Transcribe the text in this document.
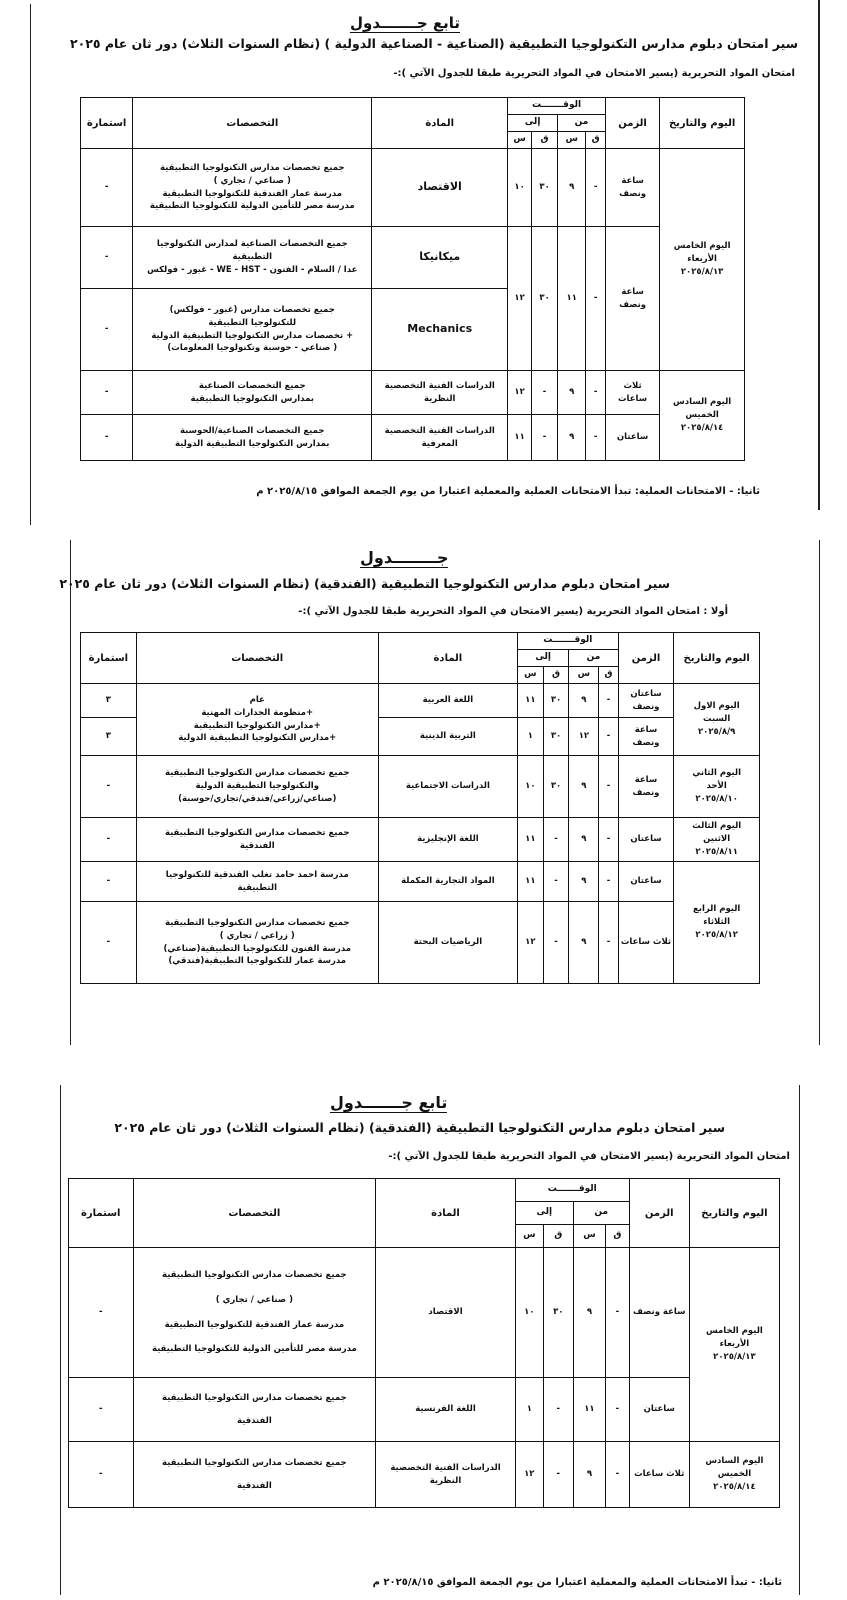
تابع جـــــــدول
سير امتحان دبلوم مدارس التكنولوجيا التطبيقية (الصناعية - الصناعية الدولية ) (نظام السنوات الثلاث) دور ثان عام ٢٠٢٥
امتحان المواد التحريرية (يسير الامتحان في المواد التحريرية طبقا للجدول الآتي ):-
اليوم والتاريخ	الزمن	الوقـــــــت				المادة	التخصصات	استمارة
		من		إلى				
		ق	س	ق	س			

اليوم الخامس
الأربعاء
٢٠٢٥/٨/١٣	ساعة ونصف	-	٩	٣٠	١٠	الاقتصاد	جميع تخصصات مدارس التكنولوجيا التطبيقية
( صناعي / تجاري )
مدرسة عمار الفندقية للتكنولوجيا التطبيقية
مدرسة مصر للتأمين الدولية للتكنولوجيا التطبيقية	-
	ساعة ونصف	-	١١	٣٠	١٢	ميكانيكا	جميع التخصصات الصناعية لمدارس التكنولوجيا
التطبيقية
عدا / السلام - الفنون - WE - HST - غبور - فولكس	-
						Mechanics	جميع تخصصات مدارس (غبور - فولكس)
للتكنولوجيا التطبيقية
+ تخصصات مدارس التكنولوجيا التطبيقية الدولية
( صناعي - حوسبة وتكنولوجيا المعلومات)	-

اليوم السادس
الخميس
٢٠٢٥/٨/١٤	ثلاث ساعات	-	٩	-	١٢	الدراسات الفنية التخصصية النظرية	جميع التخصصات الصناعية
بمدارس التكنولوجيا التطبيقية	-
	ساعتان	-	٩	-	١١	الدراسات الفنية التخصصية المعرفية	جميع التخصصات الصناعية/الحوسبة
بمدارس التكنولوجيا التطبيقية الدولية	-
ثانيا: - الامتحانات العملية: تبدأ الامتحانات العملية والمعملية اعتبارا من يوم الجمعة الموافق ٢٠٢٥/٨/١٥ م
جــــــــدول
سير امتحان دبلوم مدارس التكنولوجيا التطبيقية (الفندقية) (نظام السنوات الثلاث) دور ثان عام ٢٠٢٥
أولا : امتحان المواد التحريرية (يسير الامتحان في المواد التحريرية طبقا للجدول الآتي ):-
اليوم والتاريخ	الزمن	الوقـــــــت				المادة	التخصصات	استمارة
		من		إلى				
		ق	س	ق	س			

اليوم الاول
السبت
٢٠٢٥/٨/٩	ساعتان ونصف	-	٩	٣٠	١١	اللغة العربية	عام
+منظومة الجدارات المهنية
+مدارس التكنولوجيا التطبيقية
+مدارس التكنولوجيا التطبيقية الدولية	٣
	ساعة ونصف	-	١٢	٣٠	١	التربية الدينية		٣

اليوم الثاني
الأحد
٢٠٢٥/٨/١٠	ساعة ونصف	-	٩	٣٠	١٠	الدراسات الاجتماعية	جميع تخصصات مدارس التكنولوجيا التطبيقية
والتكنولوجيا التطبيقية الدولية
(صناعي/زراعي/فندقي/تجاري/حوسبة)	-

اليوم الثالث
الاثنين
٢٠٢٥/٨/١١	ساعتان	-	٩	-	١١	اللغة الإنجليزية	جميع تخصصات مدارس التكنولوجيا التطبيقية
الفندقية	-

اليوم الرابع
الثلاثاء
٢٠٢٥/٨/١٢	ساعتان	-	٩	-	١١	المواد التجارية المكملة	مدرسة احمد حامد تغلب الفندقية للتكنولوجيا
التطبيقية	-
	ثلاث ساعات	-	٩	-	١٢	الرياضيات البحتة	جميع تخصصات مدارس التكنولوجيا التطبيقية
( زراعي / تجاري )
مدرسة الفنون للتكنولوجيا التطبيقية(صناعي)
مدرسة عمار للتكنولوجيا التطبيقية(فندقي)	-
تابع جـــــــدول
سير امتحان دبلوم مدارس التكنولوجيا التطبيقية (الفندقية) (نظام السنوات الثلاث) دور ثان عام ٢٠٢٥
امتحان المواد التحريرية (يسير الامتحان في المواد التحريرية طبقا للجدول الآتي ):-
اليوم والتاريخ	الزمن	الوقـــــــت				المادة	التخصصات	استمارة
		من		إلى				
		ق	س	ق	س			

اليوم الخامس
الأربعاء
٢٠٢٥/٨/١٣	ساعة ونصف	-	٩	٣٠	١٠	الاقتصاد	جميع تخصصات مدارس التكنولوجيا التطبيقية
( صناعي / تجاري )
مدرسة عمار الفندقية للتكنولوجيا التطبيقية
مدرسة مصر للتأمين الدولية للتكنولوجيا التطبيقية	-
	ساعتان	-	١١	-	١	اللغة الفرنسية	جميع تخصصات مدارس التكنولوجيا التطبيقية
الفندقية	-

اليوم السادس
الخميس
٢٠٢٥/٨/١٤	ثلاث ساعات	-	٩	-	١٢	الدراسات الفنية التخصصية النظرية	جميع تخصصات مدارس التكنولوجيا التطبيقية
الفندقية	-
ثانيا: - تبدأ الامتحانات العملية والمعملية اعتبارا من يوم الجمعة الموافق ٢٠٢٥/٨/١٥ م
